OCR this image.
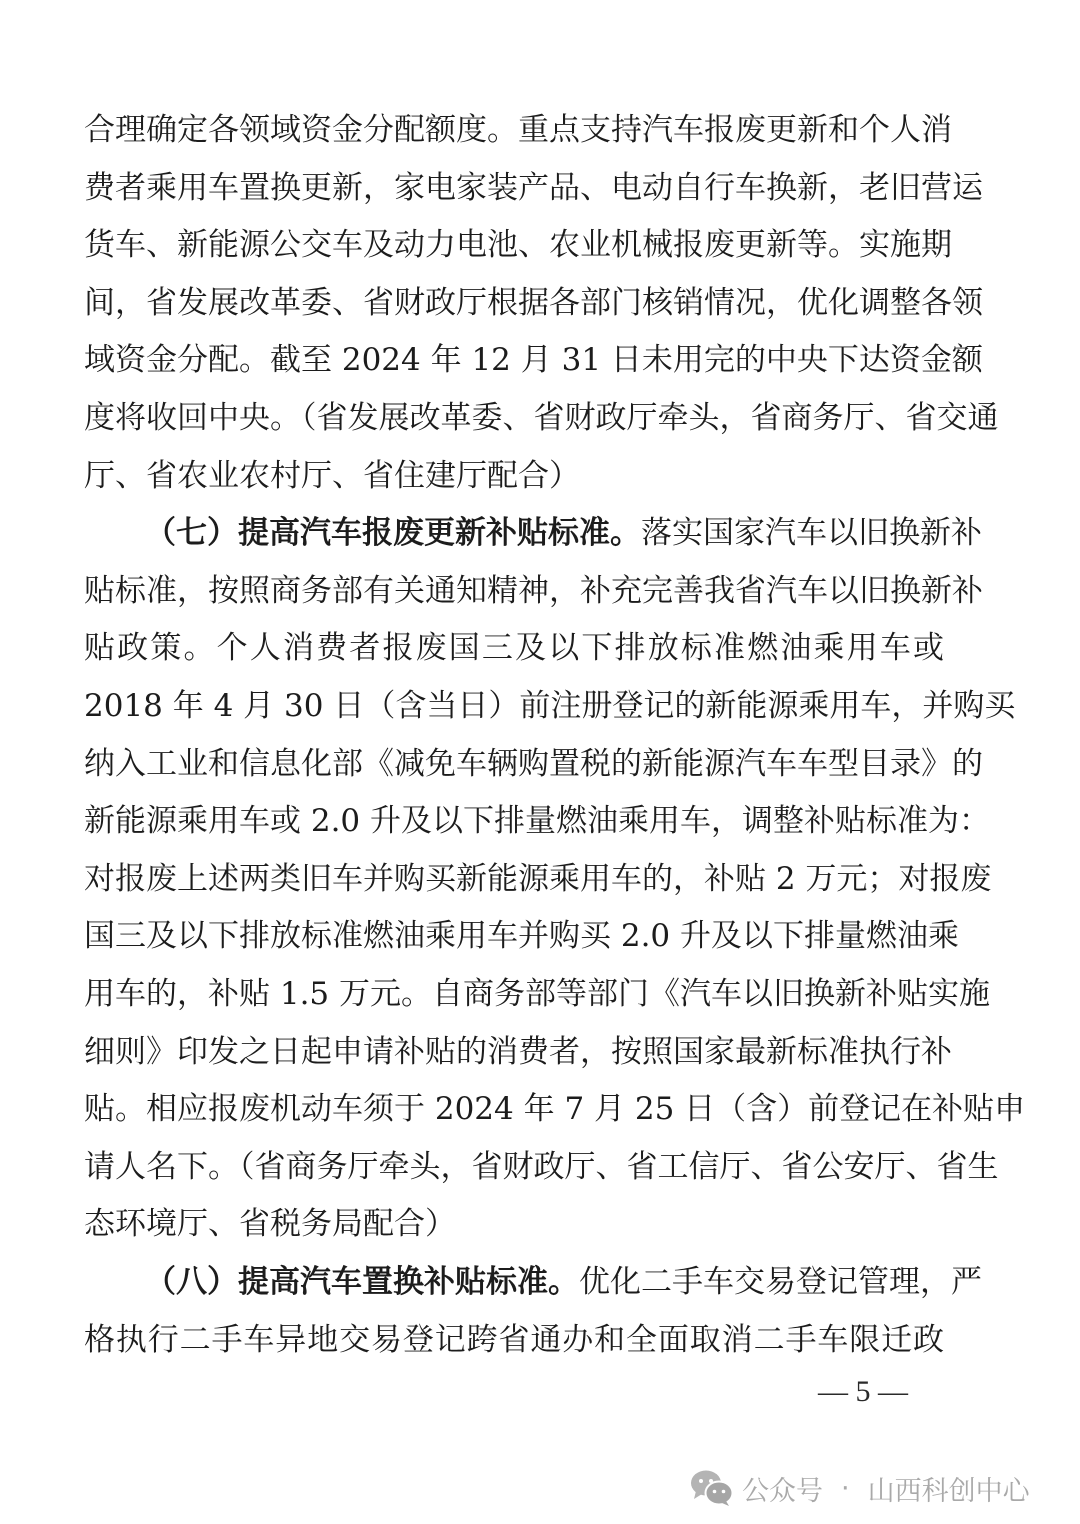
合理确定各领域资金分配额度。重点支持汽车报废更新和个人消
费者乘用车置换更新，家电家装产品、电动自行车换新，老旧营运
货车、新能源公交车及动力电池、农业机械报废更新等。实施期
间，省发展改革委、省财政厅根据各部门核销情况，优化调整各领
域资金分配。截至 2024 年 12 月 31 日未用完的中央下达资金额
度将收回中央。（省发展改革委、省财政厅牵头，省商务厅、省交通
厅、省农业农村厅、省住建厅配合）
（七）提高汽车报废更新补贴标准。落实国家汽车以旧换新补
贴标准，按照商务部有关通知精神，补充完善我省汽车以旧换新补
贴政策。个人消费者报废国三及以下排放标准燃油乘用车或
2018 年 4 月 30 日（含当日）前注册登记的新能源乘用车，并购买
纳入工业和信息化部《减免车辆购置税的新能源汽车车型目录》的
新能源乘用车或 2.0 升及以下排量燃油乘用车，调整补贴标准为：
对报废上述两类旧车并购买新能源乘用车的，补贴 2 万元；对报废
国三及以下排放标准燃油乘用车并购买 2.0 升及以下排量燃油乘
用车的，补贴 1.5 万元。自商务部等部门《汽车以旧换新补贴实施
细则》印发之日起申请补贴的消费者，按照国家最新标准执行补
贴。相应报废机动车须于 2024 年 7 月 25 日（含）前登记在补贴申
请人名下。（省商务厅牵头，省财政厅、省工信厅、省公安厅、省生
态环境厅、省税务局配合）
（八）提高汽车置换补贴标准。优化二手车交易登记管理，严
格执行二手车异地交易登记跨省通办和全面取消二手车限迁政
— 5 —
公众号 · 山西科创中心
